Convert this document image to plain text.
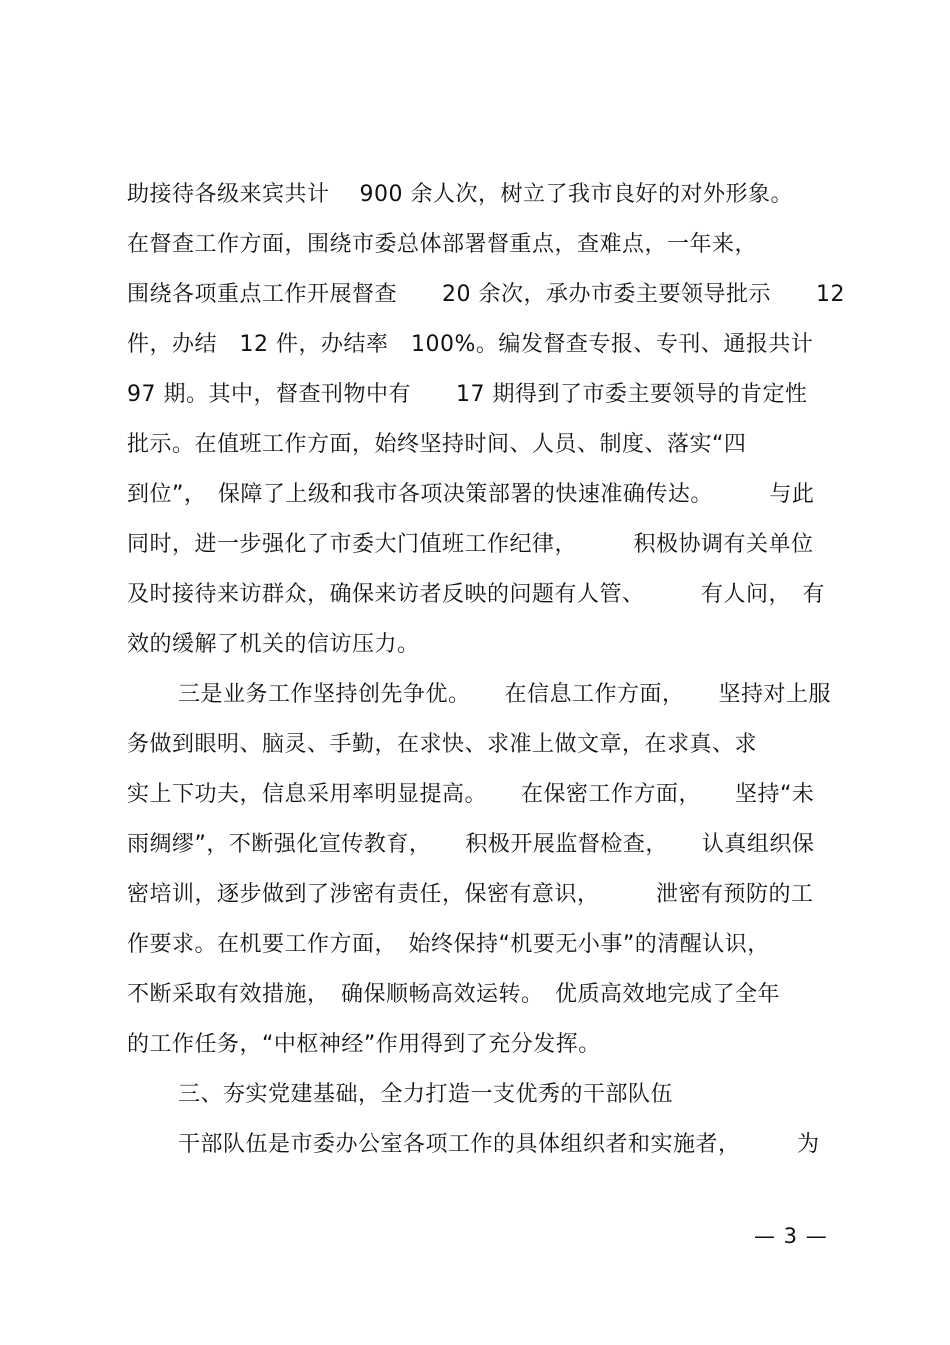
助接待各级来宾共计　 900 余人次，树立了我市良好的对外形象。
在督查工作方面，围绕市委总体部署督重点，查难点，一年来，
围绕各项重点工作开展督查　　20 余次，承办市委主要领导批示　　12
件，办结　12 件，办结率　100%。编发督查专报、专刊、通报共计
97 期。其中，督查刊物中有　　17 期得到了市委主要领导的肯定性
批示。在值班工作方面，始终坚持时间、人员、制度、落实“四
到位”，　保障了上级和我市各项决策部署的快速准确传达。　　　与此
同时，进一步强化了市委大门值班工作纪律，　　　积极协调有关单位
及时接待来访群众，确保来访者反映的问题有人管、　　　有人问，　有
效的缓解了机关的信访压力。
三是业务工作坚持创先争优。　　在信息工作方面，　　坚持对上服
务做到眼明、脑灵、手勤，在求快、求准上做文章，在求真、求
实上下功夫，信息采用率明显提高。　　在保密工作方面，　　坚持“未
雨绸缪”，不断强化宣传教育，　　积极开展监督检查，　　认真组织保
密培训，逐步做到了涉密有责任，保密有意识，　　　泄密有预防的工
作要求。在机要工作方面，　始终保持“机要无小事”的清醒认识，
不断采取有效措施，　确保顺畅高效运转。　优质高效地完成了全年
的工作任务，“中枢神经”作用得到了充分发挥。
三、夯实党建基础，全力打造一支优秀的干部队伍
干部队伍是市委办公室各项工作的具体组织者和实施者，　　　为
— 3 —
